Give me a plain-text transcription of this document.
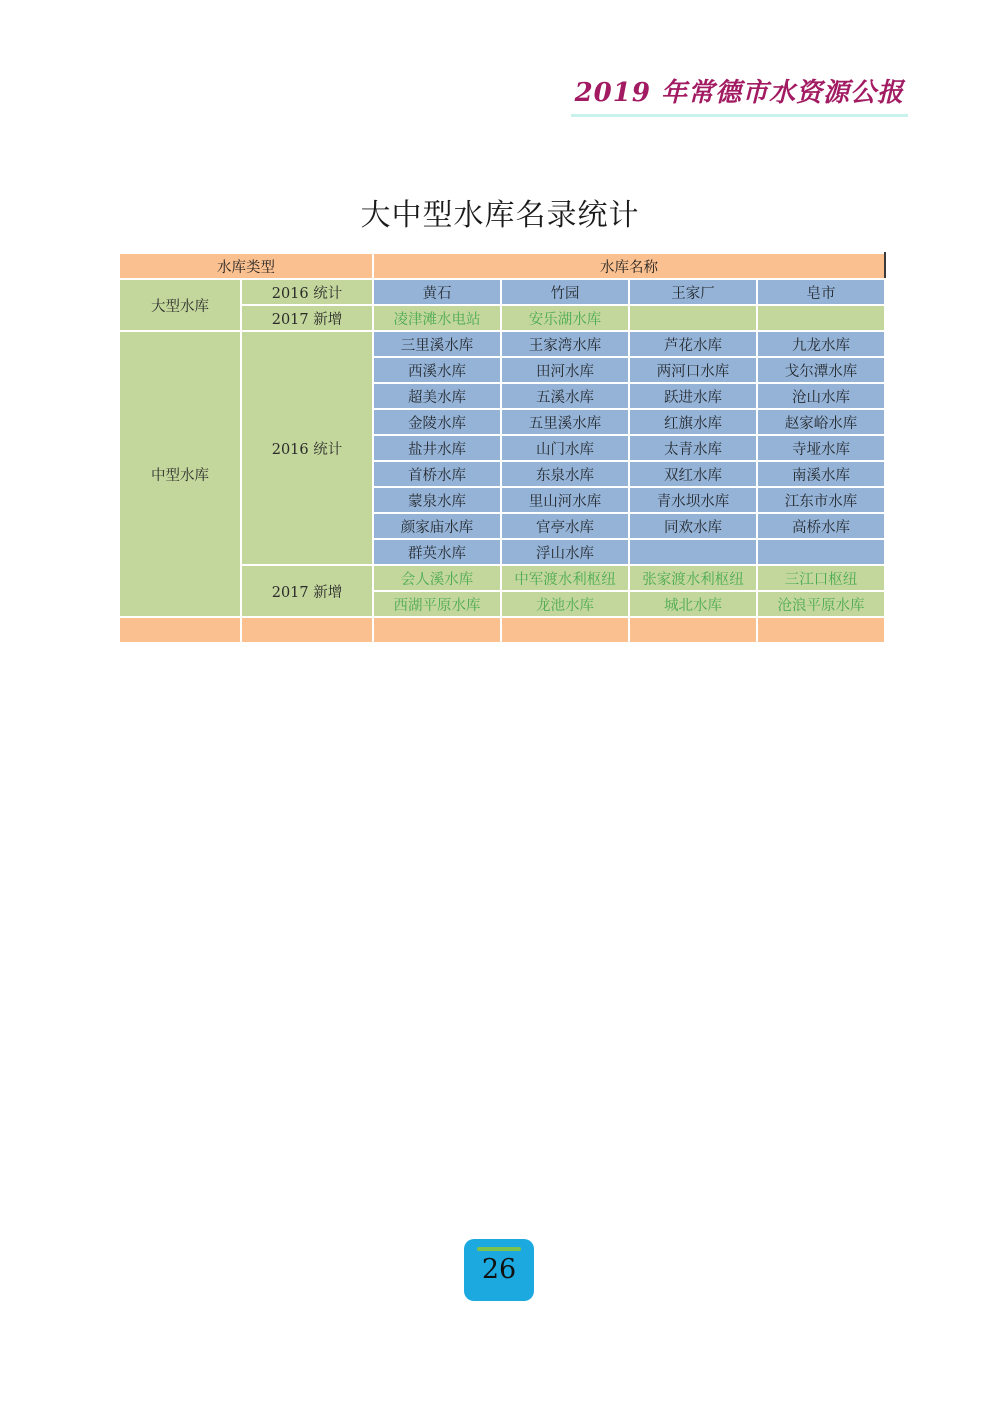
2019 年常德市水资源公报
大中型水库名录统计
水库类型		水库名称			
大型水库	2016 统计	黄石	竹园	王家厂	皂市
	2017 新增	凌津滩水电站	安乐湖水库		
中型水库	2016 统计	三里溪水库	王家湾水库	芦花水库	九龙水库
		西溪水库	田河水库	两河口水库	戈尔潭水库
		超美水库	五溪水库	跃进水库	沧山水库
		金陵水库	五里溪水库	红旗水库	赵家峪水库
		盐井水库	山门水库	太青水库	寺垭水库
		首桥水库	东泉水库	双红水库	南溪水库
		蒙泉水库	里山河水库	青水坝水库	江东市水库
		颜家庙水库	官亭水库	同欢水库	高桥水库
		群英水库	浮山水库		
	2017 新增	会人溪水库	中军渡水利枢纽	张家渡水利枢纽	三江口枢纽
		西湖平原水库	龙池水库	城北水库	沧浪平原水库

26
